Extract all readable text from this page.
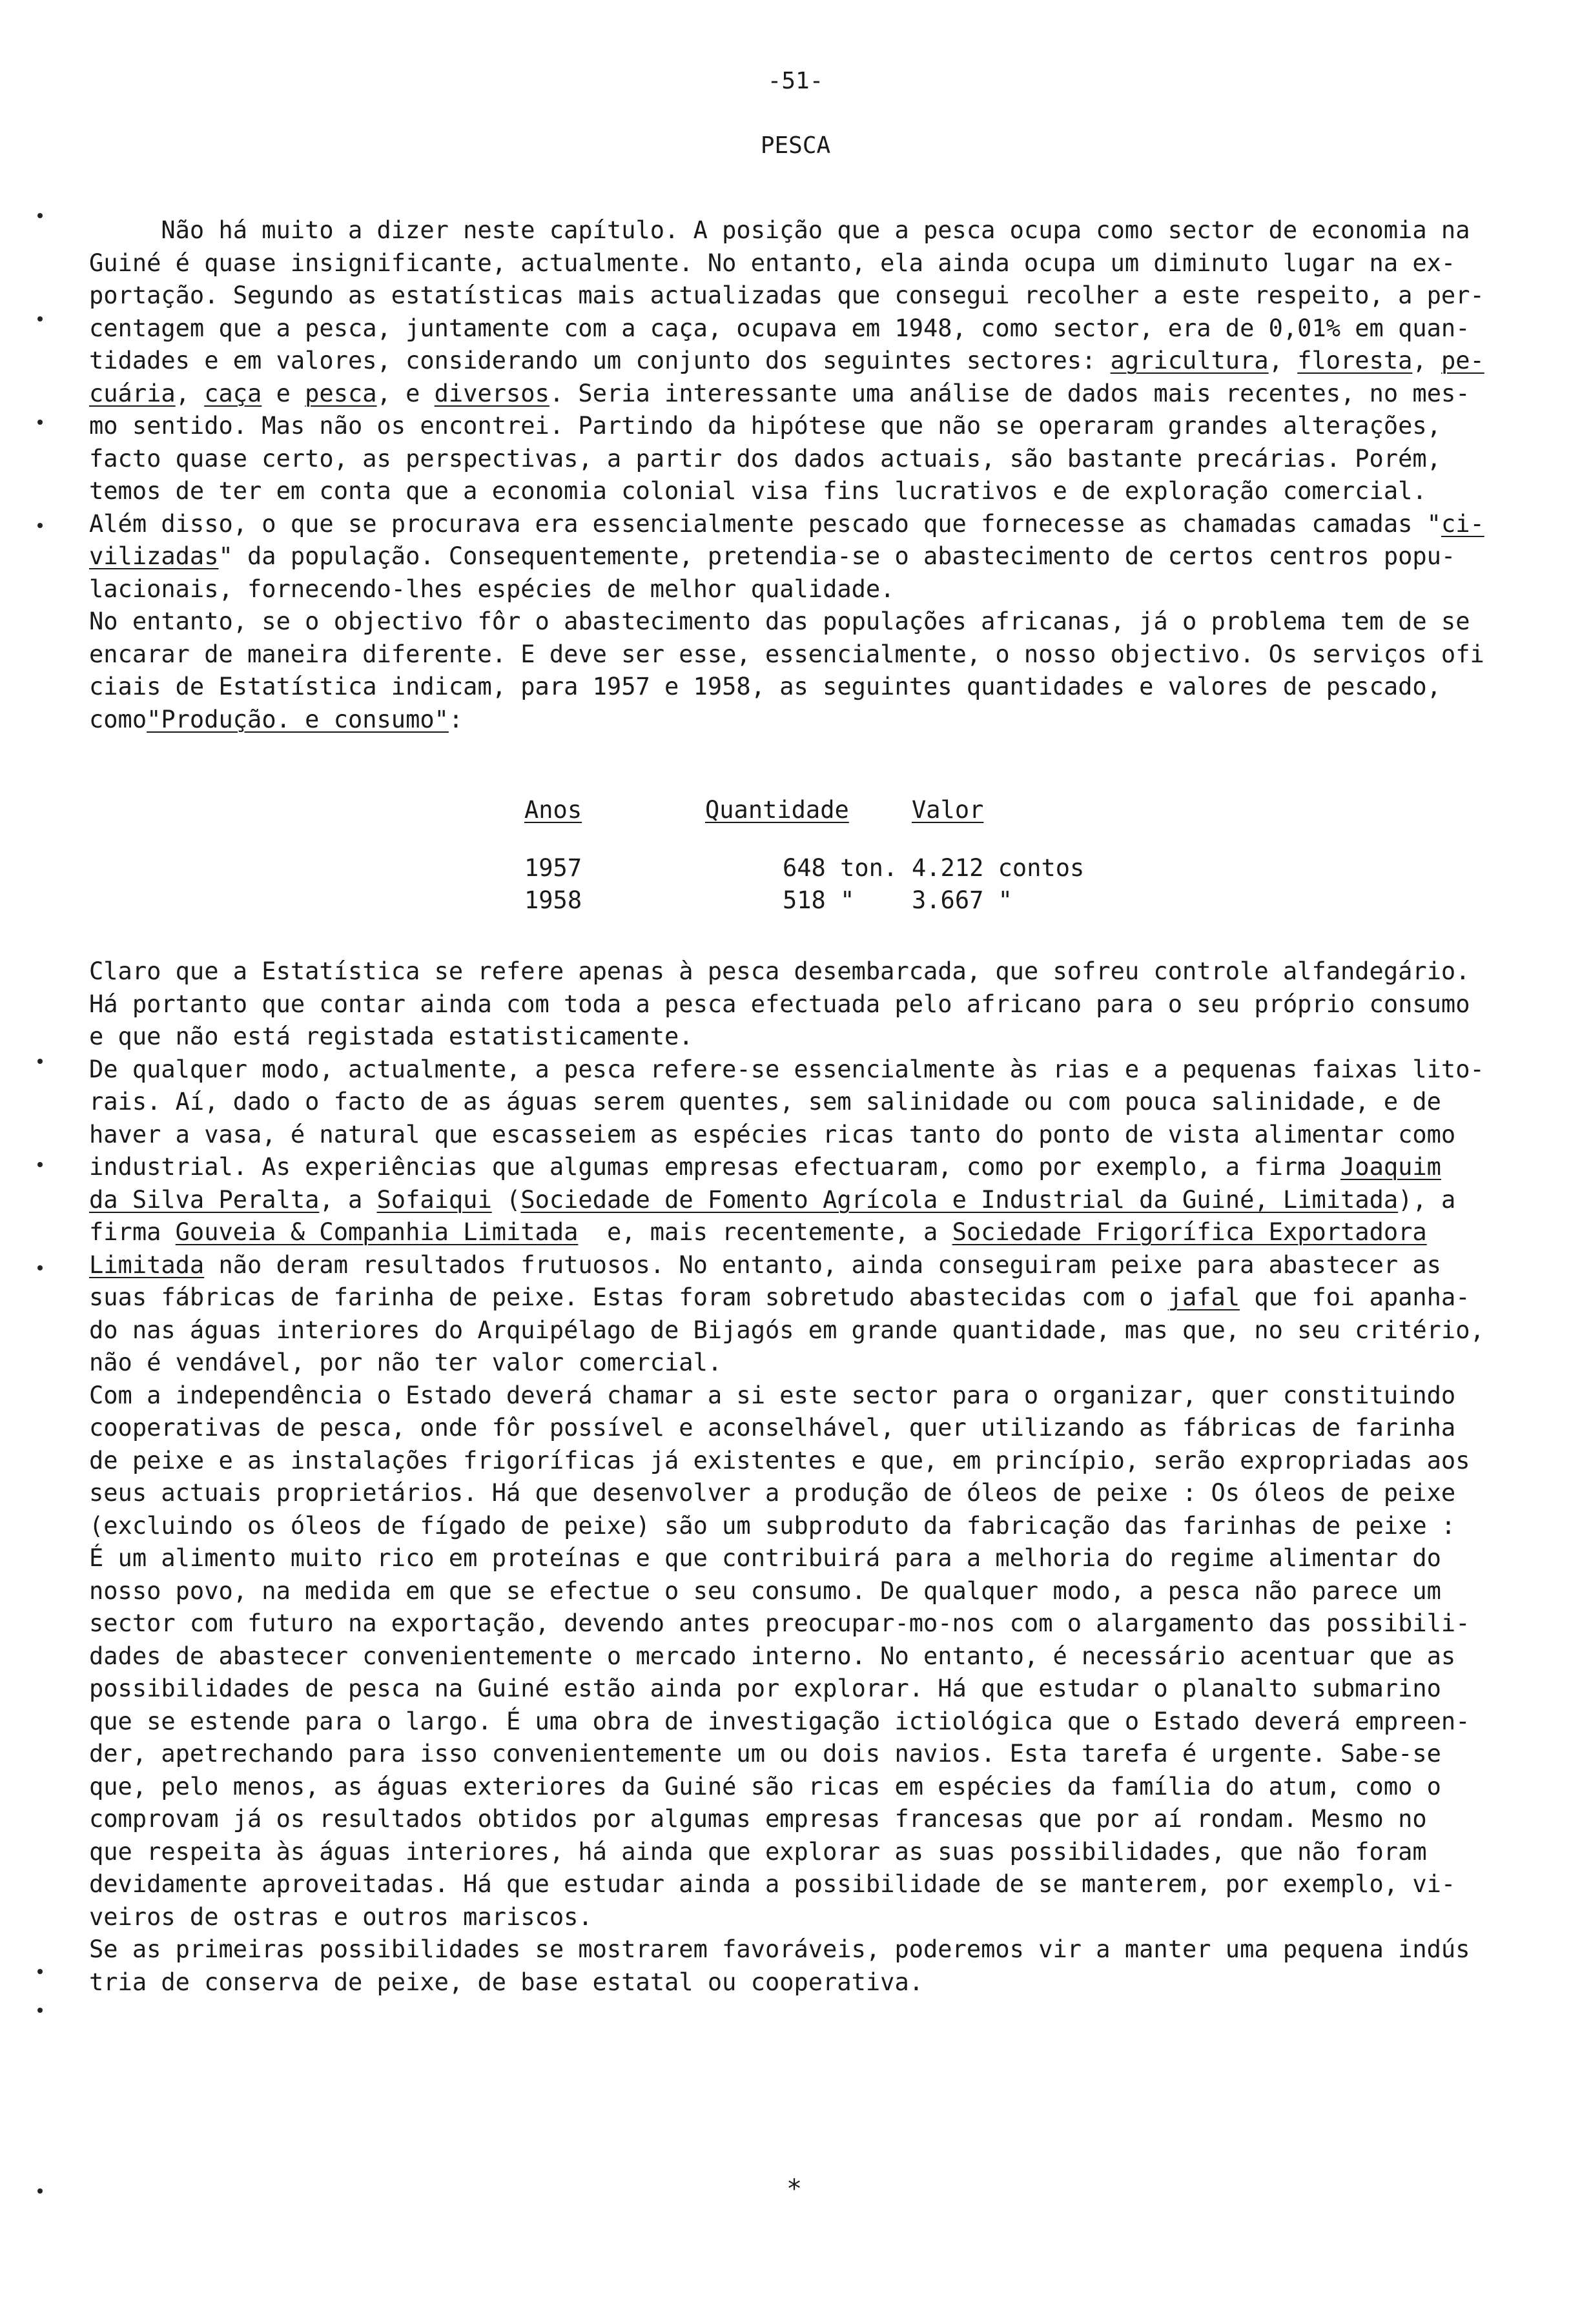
-51-
PESCA
Não há muito a dizer neste capítulo. A posição que a pesca ocupa como sector de economia na
Guiné é quase insignificante, actualmente. No entanto, ela ainda ocupa um diminuto lugar na ex-
portação. Segundo as estatísticas mais actualizadas que consegui recolher a este respeito, a per-
centagem que a pesca, juntamente com a caça, ocupava em 1948, como sector, era de 0,01% em quan-
tidades e em valores, considerando um conjunto dos seguintes sectores: agricultura, floresta, pe-
cuária, caça e pesca, e diversos. Seria interessante uma análise de dados mais recentes, no mes-
mo sentido. Mas não os encontrei. Partindo da hipótese que não se operaram grandes alterações,
facto quase certo, as perspectivas, a partir dos dados actuais, são bastante precárias. Porém,
temos de ter em conta que a economia colonial visa fins lucrativos e de exploração comercial.
Além disso, o que se procurava era essencialmente pescado que fornecesse as chamadas camadas "ci-
vilizadas" da população. Consequentemente, pretendia-se o abastecimento de certos centros popu-
lacionais, fornecendo-lhes espécies de melhor qualidade.
No entanto, se o objectivo fôr o abastecimento das populações africanas, já o problema tem de se
encarar de maneira diferente. E deve ser esse, essencialmente, o nosso objectivo. Os serviços ofi
ciais de Estatística indicam, para 1957 e 1958, as seguintes quantidades e valores de pescado,
como"Produção. e consumo":
Anos	Quantidade	Valor
1957	648 ton. 4.212 contos
1958	518 "	3.667 "
Claro que a Estatística se refere apenas à pesca desembarcada, que sofreu controle alfandegário.
Há portanto que contar ainda com toda a pesca efectuada pelo africano para o seu próprio consumo
e que não está registada estatisticamente.
De qualquer modo, actualmente, a pesca refere-se essencialmente às rias e a pequenas faixas lito-
rais. Aí, dado o facto de as águas serem quentes, sem salinidade ou com pouca salinidade, e de
haver a vasa, é natural que escasseiem as espécies ricas tanto do ponto de vista alimentar como
industrial. As experiências que algumas empresas efectuaram, como por exemplo, a firma Joaquim
da Silva Peralta, a Sofaiqui (Sociedade de Fomento Agrícola e Industrial da Guiné, Limitada), a
firma Gouveia & Companhia Limitada  e, mais recentemente, a Sociedade Frigorífica Exportadora
Limitada não deram resultados frutuosos. No entanto, ainda conseguiram peixe para abastecer as
suas fábricas de farinha de peixe. Estas foram sobretudo abastecidas com o jafal que foi apanha-
do nas águas interiores do Arquipélago de Bijagós em grande quantidade, mas que, no seu critério,
não é vendável, por não ter valor comercial.
Com a independência o Estado deverá chamar a si este sector para o organizar, quer constituindo
cooperativas de pesca, onde fôr possível e aconselhável, quer utilizando as fábricas de farinha
de peixe e as instalações frigoríficas já existentes e que, em princípio, serão expropriadas aos
seus actuais proprietários. Há que desenvolver a produção de óleos de peixe : Os óleos de peixe
(excluindo os óleos de fígado de peixe) são um subproduto da fabricação das farinhas de peixe :
É um alimento muito rico em proteínas e que contribuirá para a melhoria do regime alimentar do
nosso povo, na medida em que se efectue o seu consumo. De qualquer modo, a pesca não parece um
sector com futuro na exportação, devendo antes preocupar-mo-nos com o alargamento das possibili-
dades de abastecer convenientemente o mercado interno. No entanto, é necessário acentuar que as
possibilidades de pesca na Guiné estão ainda por explorar. Há que estudar o planalto submarino
que se estende para o largo. É uma obra de investigação ictiológica que o Estado deverá empreen-
der, apetrechando para isso convenientemente um ou dois navios. Esta tarefa é urgente. Sabe-se
que, pelo menos, as águas exteriores da Guiné são ricas em espécies da família do atum, como o
comprovam já os resultados obtidos por algumas empresas francesas que por aí rondam. Mesmo no
que respeita às águas interiores, há ainda que explorar as suas possibilidades, que não foram
devidamente aproveitadas. Há que estudar ainda a possibilidade de se manterem, por exemplo, vi-
veiros de ostras e outros mariscos.
Se as primeiras possibilidades se mostrarem favoráveis, poderemos vir a manter uma pequena indús
tria de conserva de peixe, de base estatal ou cooperativa.
*
